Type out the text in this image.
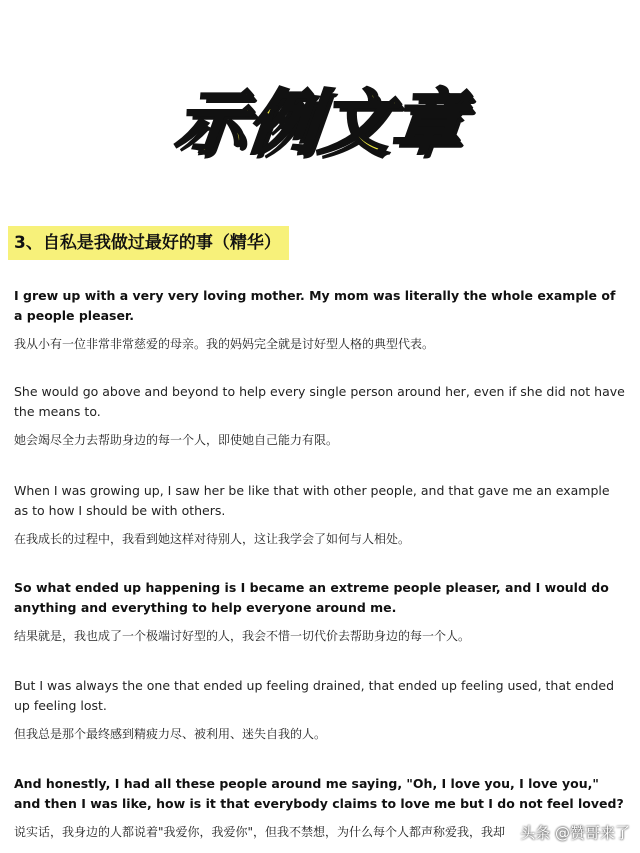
示例文章
3、自私是我做过最好的事（精华）

I grew up with a very very loving mother. My mom was literally the whole example of a people pleaser.

我从小有一位非常非常慈爱的母亲。我的妈妈完全就是讨好型人格的典型代表。

She would go above and beyond to help every single person around her, even if she did not have the means to.

她会竭尽全力去帮助身边的每一个人，即使她自己能力有限。

When I was growing up, I saw her be like that with other people, and that gave me an example as to how I should be with others.

在我成长的过程中，我看到她这样对待别人，这让我学会了如何与人相处。

So what ended up happening is I became an extreme people pleaser, and I would do anything and everything to help everyone around me.

结果就是，我也成了一个极端讨好型的人，我会不惜一切代价去帮助身边的每一个人。

But I was always the one that ended up feeling drained, that ended up feeling used, that ended up feeling lost.

但我总是那个最终感到精疲力尽、被利用、迷失自我的人。

And honestly, I had all these people around me saying, "Oh, I love you, I love you," and then I was like, how is it that everybody claims to love me but I do not feel loved?

说实话，我身边的人都说着"我爱你，我爱你"，但我不禁想，为什么每个人都声称爱我，我却	头条 @赞哥来了
